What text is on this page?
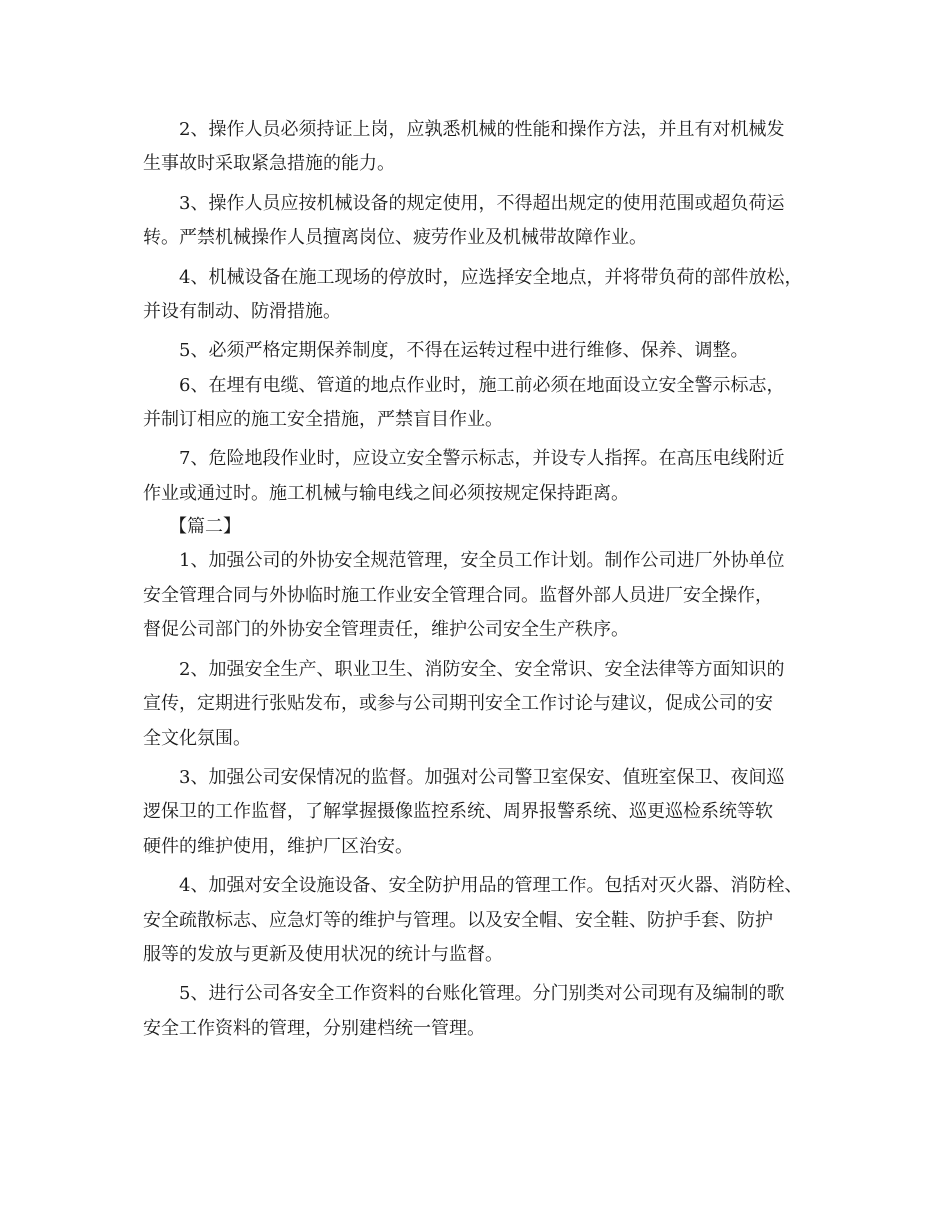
2、操作人员必须持证上岗，应孰悉机械的性能和操作方法，并且有对机械发
生事故时采取紧急措施的能力。
3、操作人员应按机械设备的规定使用，不得超出规定的使用范围或超负荷运
转。严禁机械操作人员擅离岗位、疲劳作业及机械带故障作业。
4、机械设备在施工现场的停放时，应选择安全地点，并将带负荷的部件放松，
并设有制动、防滑措施。
5、必须严格定期保养制度，不得在运转过程中进行维修、保养、调整。
6、在埋有电缆、管道的地点作业时，施工前必须在地面设立安全警示标志，
并制订相应的施工安全措施，严禁盲目作业。
7、危险地段作业时，应设立安全警示标志，并设专人指挥。在高压电线附近
作业或通过时。施工机械与输电线之间必须按规定保持距离。
【篇二】
1、加强公司的外协安全规范管理，安全员工作计划。制作公司进厂外协单位
安全管理合同与外协临时施工作业安全管理合同。监督外部人员进厂安全操作，
督促公司部门的外协安全管理责任，维护公司安全生产秩序。
2、加强安全生产、职业卫生、消防安全、安全常识、安全法律等方面知识的
宣传，定期进行张贴发布，或参与公司期刊安全工作讨论与建议，促成公司的安
全文化氛围。
3、加强公司安保情况的监督。加强对公司警卫室保安、值班室保卫、夜间巡
逻保卫的工作监督，了解掌握摄像监控系统、周界报警系统、巡更巡检系统等软
硬件的维护使用，维护厂区治安。
4、加强对安全设施设备、安全防护用品的管理工作。包括对灭火器、消防栓、
安全疏散标志、应急灯等的维护与管理。以及安全帽、安全鞋、防护手套、防护
服等的发放与更新及使用状况的统计与监督。
5、进行公司各安全工作资料的台账化管理。分门别类对公司现有及编制的歌
安全工作资料的管理，分别建档统一管理。
